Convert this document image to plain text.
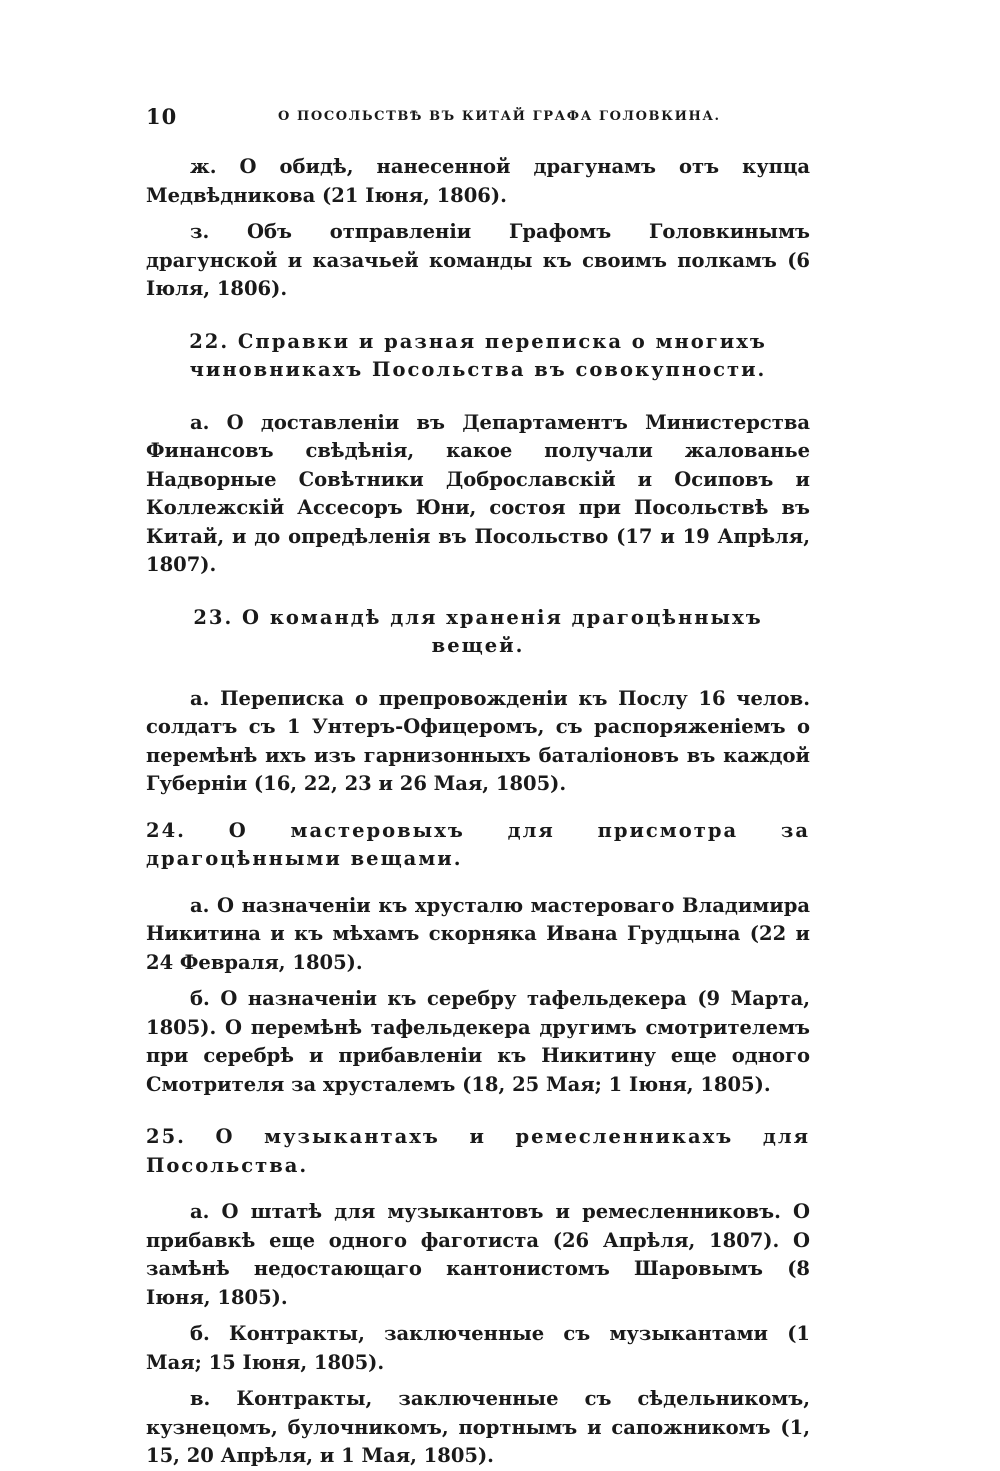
10	О ПОСОЛЬСТВѢ ВЪ КИТАЙ ГРАФА ГОЛОВКИНА.

ж. О обидѣ, нанесенной драгунамъ отъ купца Медвѣдникова (21 Іюня, 1806).

з. Объ отправленіи Графомъ Головкинымъ драгунской и казачьей команды къ своимъ полкамъ (6 Іюля, 1806).

22. Справки и разная переписка о многихъ чиновникахъ Посольства въ совокупности.

а. О доставленіи въ Департаментъ Министерства Финансовъ свѣдѣнія, какое получали жалованье Надворные Совѣтники Доброславскій и Осиповъ и Коллежскій Ассесоръ Юни, состоя при Посольствѣ въ Китай, и до опредѣленія въ Посольство (17 и 19 Апрѣля, 1807).

23. О командѣ для храненія драгоцѣнныхъ вещей.

а. Переписка о препровожденіи къ Послу 16 челов. солдатъ съ 1 Унтеръ-Офицеромъ, съ распоряженіемъ о перемѣнѣ ихъ изъ гарнизонныхъ баталіоновъ въ каждой Губерніи (16, 22, 23 и 26 Мая, 1805).

24. О мастеровыхъ для присмотра за драгоцѣнными вещами.

а. О назначеніи къ хрусталю мастероваго Владимира Никитина и къ мѣхамъ скорняка Ивана Грудцына (22 и 24 Февраля, 1805).

б. О назначеніи къ серебру тафельдекера (9 Марта, 1805). О перемѣнѣ тафельдекера другимъ смотрителемъ при серебрѣ и прибавленіи къ Никитину еще одного Смотрителя за хрусталемъ (18, 25 Мая; 1 Іюня, 1805).

25. О музыкантахъ и ремесленникахъ для Посольства.

а. О штатѣ для музыкантовъ и ремесленниковъ. О прибавкѣ еще одного фаготиста (26 Апрѣля, 1807). О замѣнѣ недостающаго кантонистомъ Шаровымъ (8 Іюня, 1805).

б. Контракты, заключенные съ музыкантами (1 Мая; 15 Іюня, 1805).

в. Контракты, заключенные съ сѣдельникомъ, кузнецомъ, булочникомъ, портнымъ и сапожникомъ (1, 15, 20 Апрѣля, и 1 Мая, 1805).
